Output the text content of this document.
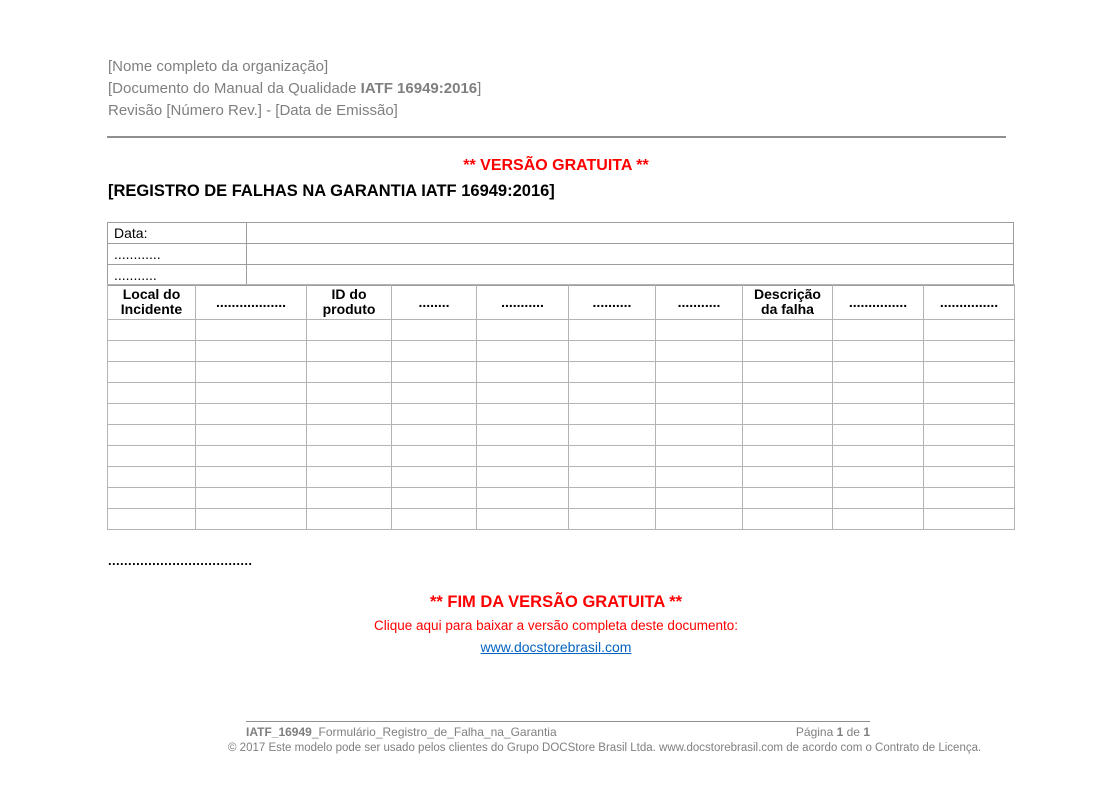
[Nome completo da organização]
[Documento do Manual da Qualidade IATF 16949:2016]
Revisão [Número Rev.] - [Data de Emissão]
** VERSÃO GRATUITA **
[REGISTRO DE FALHAS NA GARANTIA IATF 16949:2016]
Data:	
............	
...........	
Local do Incidente	..................	ID do produto	........	...........	..........	...........	Descrição da falha	...............	...............

....................................
** FIM DA VERSÃO GRATUITA **
Clique aqui para baixar a versão completa deste documento:
www.docstorebrasil.com
IATF_16949_Formulário_Registro_de_Falha_na_Garantia	Página 1 de 1
© 2017 Este modelo pode ser usado pelos clientes do Grupo DOCStore Brasil Ltda. www.docstorebrasil.com de acordo com o Contrato de Licença.
